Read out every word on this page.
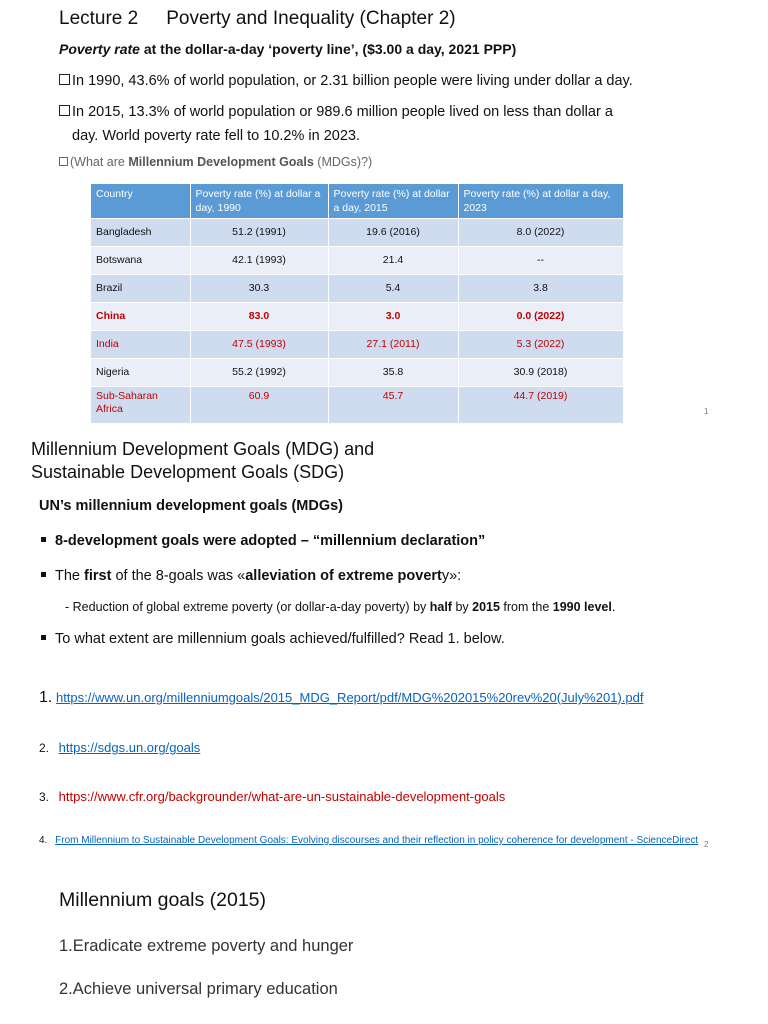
Lecture 2 Poverty and Inequality (Chapter 2)
Poverty rate at the dollar-a-day ‘poverty line’, ($3.00 a day, 2021 PPP)
In 1990, 43.6% of world population, or 2.31 billion people were living under dollar a day.
In 2015, 13.3% of world population or 989.6 million people lived on less than dollar a
day. World poverty rate fell to 10.2% in 2023.
(What are Millennium Development Goals (MDGs)?)
Country	Poverty rate (%) at dollar a day, 1990	Poverty rate (%) at dollar a day, 2015	Poverty rate (%) at dollar a day, 2023
Bangladesh	51.2 (1991)	19.6 (2016)	8.0 (2022)
Botswana	42.1 (1993)	21.4	--
Brazil	30.3	5.4	3.8
China	83.0	3.0	0.0 (2022)
India	47.5 (1993)	27.1 (2011)	5.3 (2022)
Nigeria	55.2 (1992)	35.8	30.9 (2018)
Sub-Saharan Africa	60.9	45.7	44.7 (2019)
1
Millennium Development Goals (MDG) and
Sustainable Development Goals (SDG)
UN’s millennium development goals (MDGs)
8-development goals were adopted – “millennium declaration”
The first of the 8-goals was «alleviation of extreme poverty»:
- Reduction of global extreme poverty (or dollar-a-day poverty) by half by 2015 from the 1990 level.
To what extent are millennium goals achieved/fulfilled? Read 1. below.
1. https://www.un.org/millenniumgoals/2015_MDG_Report/pdf/MDG%202015%20rev%20(July%201).pdf
2. https://sdgs.un.org/goals
3. https://www.cfr.org/backgrounder/what-are-un-sustainable-development-goals
4. From Millennium to Sustainable Development Goals: Evolving discourses and their reflection in policy coherence for development - ScienceDirect 2
Millennium goals (2015)
1.Eradicate extreme poverty and hunger
2.Achieve universal primary education
